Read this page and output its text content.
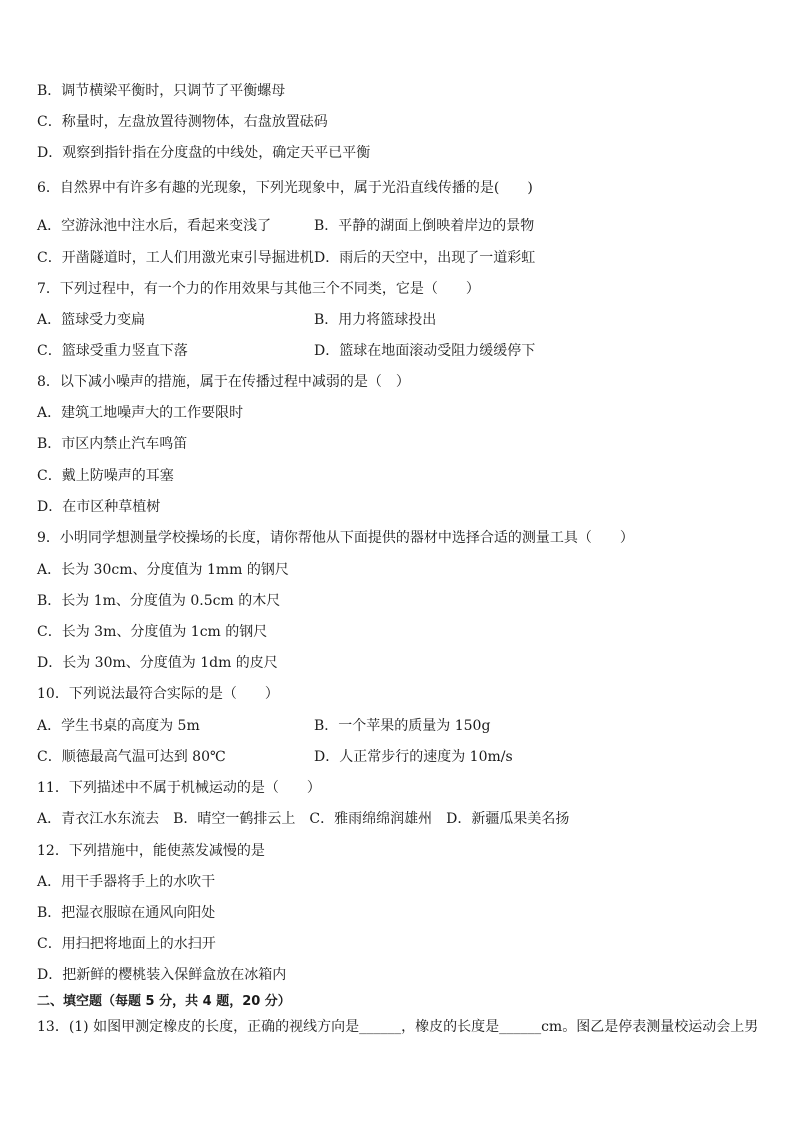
B．调节横梁平衡时，只调节了平衡螺母
C．称量时，左盘放置待测物体，右盘放置砝码
D．观察到指针指在分度盘的中线处，确定天平已平衡
6．自然界中有许多有趣的光现象，下列光现象中，属于光沿直线传播的是(　　)
A．空游泳池中注水后，看起来变浅了	B．平静的湖面上倒映着岸边的景物
C．开凿隧道时，工人们用激光束引导掘进机 D．雨后的天空中，出现了一道彩虹
7．下列过程中，有一个力的作用效果与其他三个不同类，它是（　　）
A．篮球受力变扁	B．用力将篮球投出
C．篮球受重力竖直下落	D．篮球在地面滚动受阻力缓缓停下
8．以下减小噪声的措施，属于在传播过程中减弱的是（　）
A．建筑工地噪声大的工作要限时
B．市区内禁止汽车鸣笛
C．戴上防噪声的耳塞
D．在市区种草植树
9．小明同学想测量学校操场的长度，请你帮他从下面提供的器材中选择合适的测量工具（　　）
A．长为 30cm、分度值为 1mm 的钢尺
B．长为 1m、分度值为 0.5cm 的木尺
C．长为 3m、分度值为 1cm 的钢尺
D．长为 30m、分度值为 1dm 的皮尺
10．下列说法最符合实际的是（　　）
A．学生书桌的高度为 5m	B．一个苹果的质量为 150g
C．顺德最高气温可达到 80℃	D．人正常步行的速度为 10m/s
11．下列描述中不属于机械运动的是（　　）
A．青衣江水东流去　B．晴空一鹤排云上　C．雅雨绵绵润雄州　D．新疆瓜果美名扬
12．下列措施中，能使蒸发减慢的是
A．用干手器将手上的水吹干
B．把湿衣服晾在通风向阳处
C．用扫把将地面上的水扫开
D．把新鲜的樱桃装入保鲜盒放在冰箱内
二、填空题（每题 5 分，共 4 题，20 分）
13．(1) 如图甲测定橡皮的长度，正确的视线方向是______，橡皮的长度是______cm。图乙是停表测量校运动会上男
